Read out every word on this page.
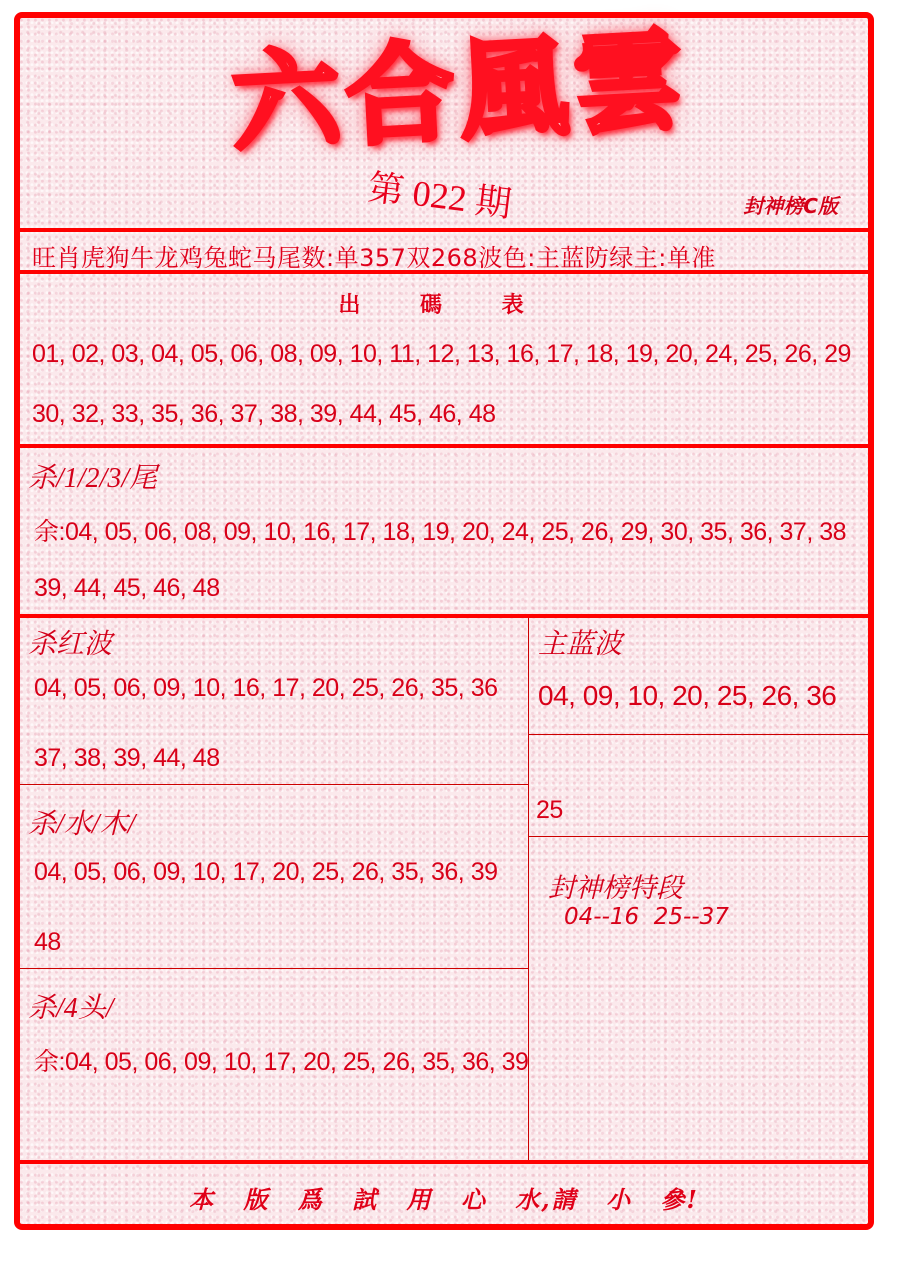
六合風雲
第 022 期	封神榜C版
旺肖虎狗牛龙鸡兔蛇马尾数:单357双268波色:主蓝防绿主:单准
出 碼 表
01, 02, 03, 04, 05, 06, 08, 09, 10, 11, 12, 13, 16, 17, 18, 19, 20, 24, 25, 26, 29
30, 32, 33, 35, 36, 37, 38, 39, 44, 45, 46, 48
杀/1/2/3/尾
余:04, 05, 06, 08, 09, 10, 16, 17, 18, 19, 20, 24, 25, 26, 29, 30, 35, 36, 37, 38
39, 44, 45, 46, 48
杀红波
04, 05, 06, 09, 10, 16, 17, 20, 25, 26, 35, 36
37, 38, 39, 44, 48
杀/水/木/
04, 05, 06, 09, 10, 17, 20, 25, 26, 35, 36, 39
48
杀/4头/
余:04, 05, 06, 09, 10, 17, 20, 25, 26, 35, 36, 39
主蓝波
04, 09, 10, 20, 25, 26, 36
25
封神榜特段
04--16  25--37
本 版 爲 試 用 心 水,請 小 參!
